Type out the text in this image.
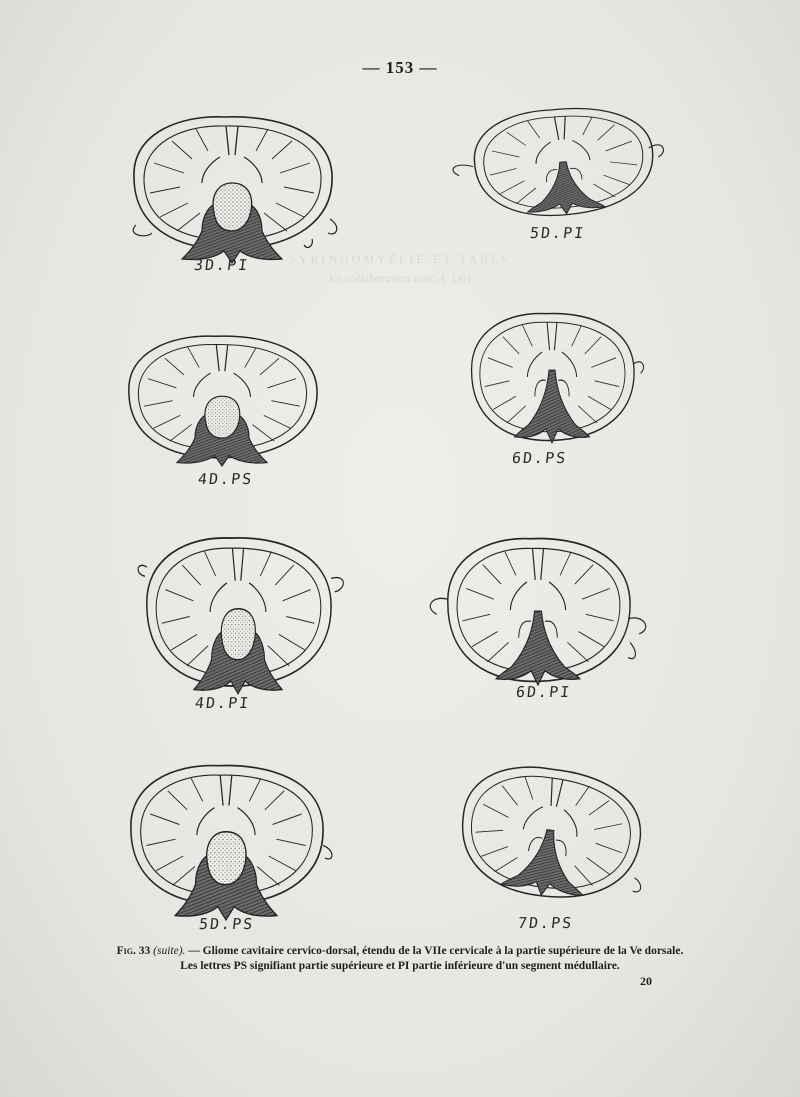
— 153 —
SYRINGOMYÉLIE ET TABES
En collaboration avec A. Léri
3D.PI
5D.PI
4D.PS
6D.PS
4D.PI
6D.PI
5D.PS	7D.PS
Fig. 33 (suite). — Gliome cavitaire cervico-dorsal, étendu de la VIIe cervicale à la partie supérieure de la Ve dorsale.
Les lettres PS signifiant partie supérieure et PI partie inférieure d'un segment médullaire.
20
